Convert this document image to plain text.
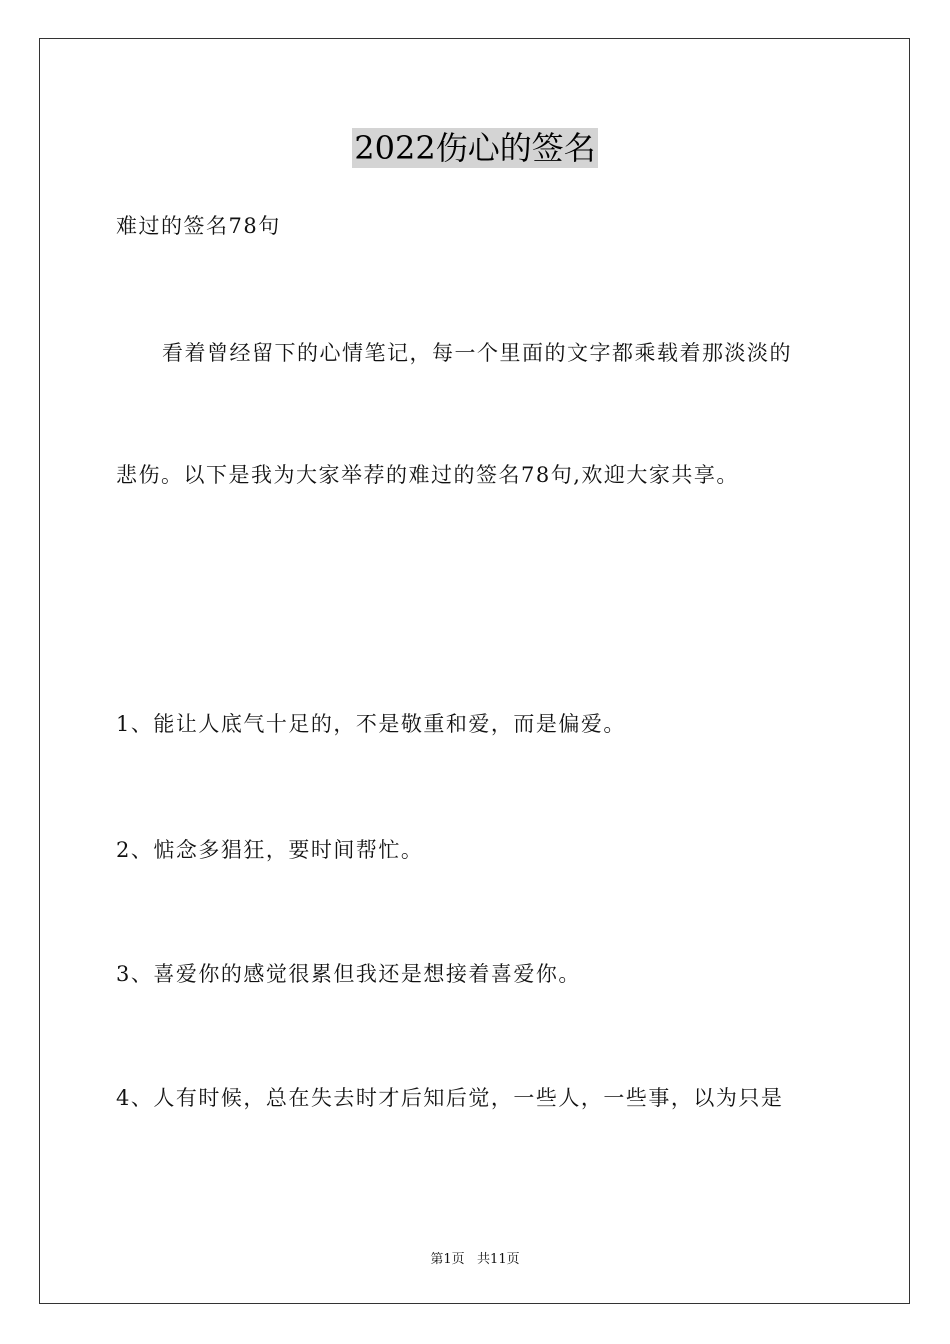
2022伤心的签名
难过的签名78句
看着曾经留下的心情笔记，每一个里面的文字都乘载着那淡淡的
悲伤。以下是我为大家举荐的难过的签名78句,欢迎大家共享。
1、能让人底气十足的，不是敬重和爱，而是偏爱。
2、惦念多猖狂，要时间帮忙。
3、喜爱你的感觉很累但我还是想接着喜爱你。
4、人有时候，总在失去时才后知后觉，一些人，一些事，以为只是
第1页   共11页
